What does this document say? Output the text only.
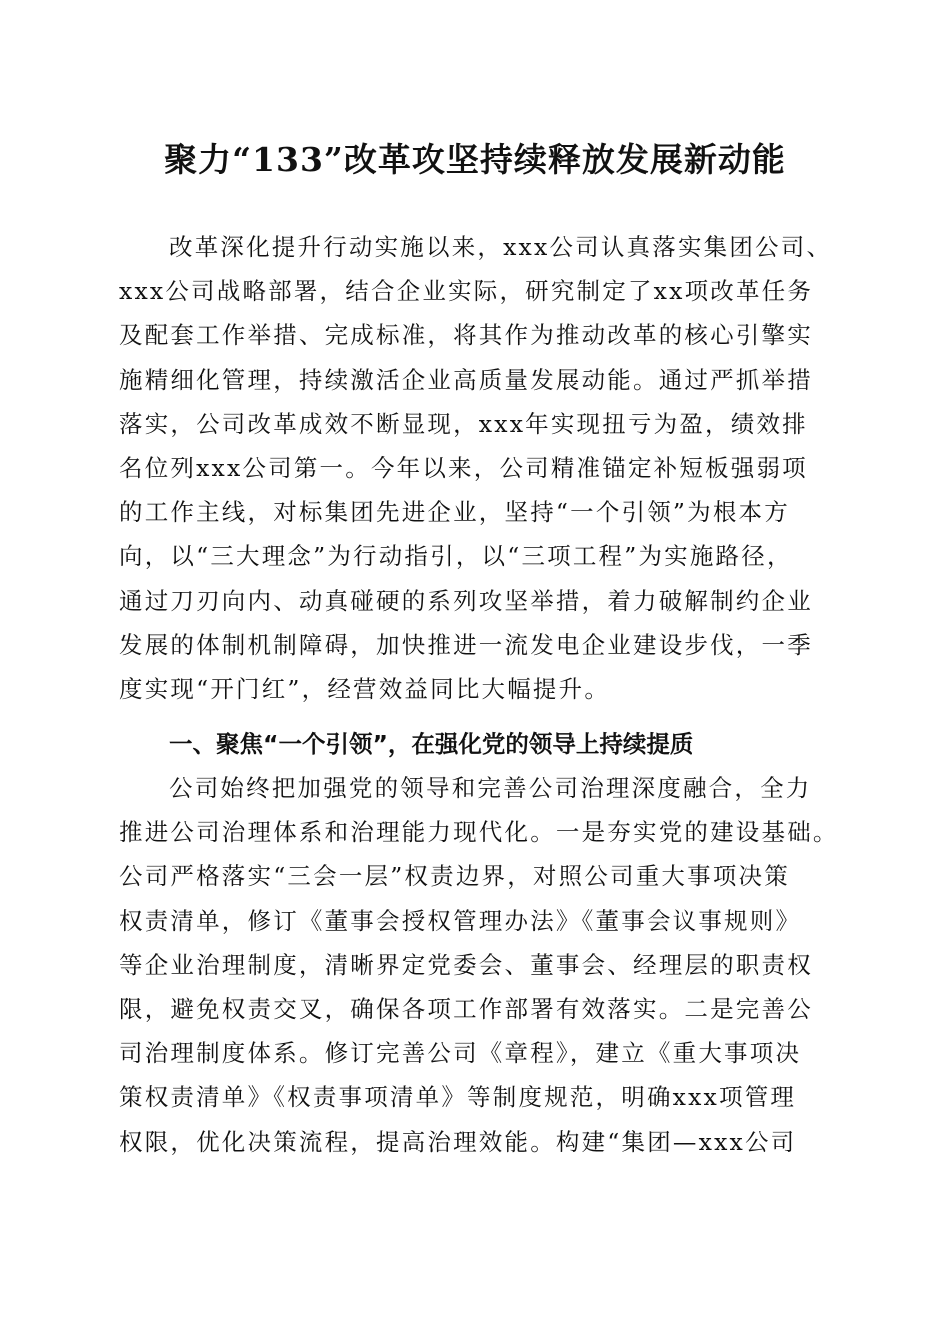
聚力“133”改革攻坚持续释放发展新动能
改革深化提升行动实施以来，xxx公司认真落实集团公司、
xxx公司战略部署，结合企业实际，研究制定了xx项改革任务
及配套工作举措、完成标准，将其作为推动改革的核心引擎实
施精细化管理，持续激活企业高质量发展动能。通过严抓举措
落实，公司改革成效不断显现，xxx年实现扭亏为盈，绩效排
名位列xxx公司第一。今年以来，公司精准锚定补短板强弱项
的工作主线，对标集团先进企业，坚持“一个引领”为根本方
向，以“三大理念”为行动指引，以“三项工程”为实施路径，
通过刀刃向内、动真碰硬的系列攻坚举措，着力破解制约企业
发展的体制机制障碍，加快推进一流发电企业建设步伐，一季
度实现“开门红”，经营效益同比大幅提升。
一、聚焦“一个引领”，在强化党的领导上持续提质
公司始终把加强党的领导和完善公司治理深度融合，全力
推进公司治理体系和治理能力现代化。一是夯实党的建设基础。
公司严格落实“三会一层”权责边界，对照公司重大事项决策
权责清单，修订《董事会授权管理办法》《董事会议事规则》
等企业治理制度，清晰界定党委会、董事会、经理层的职责权
限，避免权责交叉，确保各项工作部署有效落实。二是完善公
司治理制度体系。修订完善公司《章程》，建立《重大事项决
策权责清单》《权责事项清单》等制度规范，明确xxx项管理
权限，优化决策流程，提高治理效能。构建“集团—xxx公司
